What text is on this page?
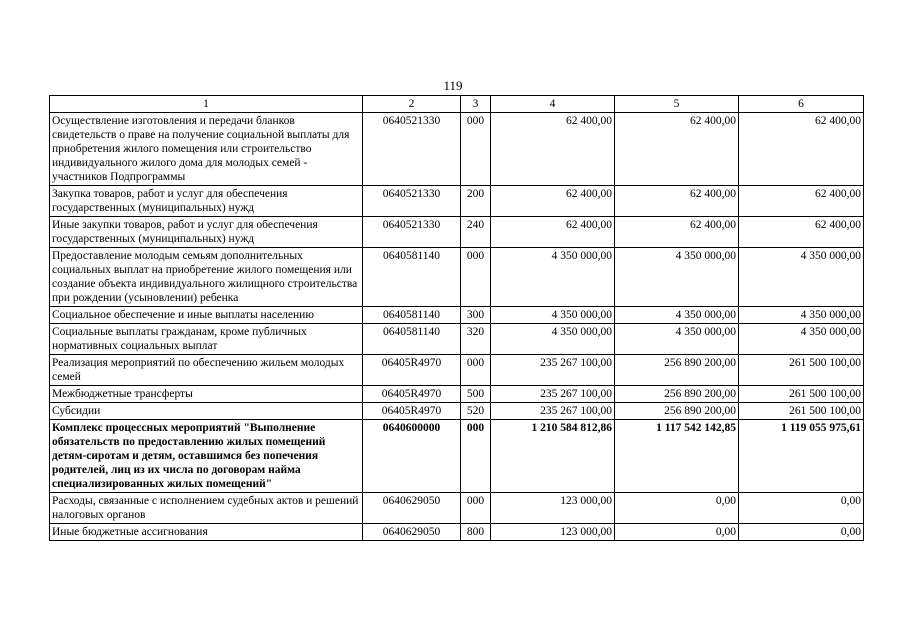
119
1	2	3	4	5	6
Осуществление изготовления и передачи бланков свидетельств о праве на получение социальной выплаты для приобретения жилого помещения или строительство индивидуального жилого дома для молодых семей - участников Подпрограммы	0640521330	000	62 400,00	62 400,00	62 400,00
Закупка товаров, работ и услуг для обеспечения государственных (муниципальных) нужд	0640521330	200	62 400,00	62 400,00	62 400,00
Иные закупки товаров, работ и услуг для обеспечения государственных (муниципальных) нужд	0640521330	240	62 400,00	62 400,00	62 400,00
Предоставление молодым семьям дополнительных социальных выплат на приобретение жилого помещения или создание объекта индивидуального жилищного строительства при рождении (усыновлении) ребенка	0640581140	000	4 350 000,00	4 350 000,00	4 350 000,00
Социальное обеспечение и иные выплаты населению	0640581140	300	4 350 000,00	4 350 000,00	4 350 000,00
Социальные выплаты гражданам, кроме публичных нормативных социальных выплат	0640581140	320	4 350 000,00	4 350 000,00	4 350 000,00
Реализация мероприятий по обеспечению жильем молодых семей	06405R4970	000	235 267 100,00	256 890 200,00	261 500 100,00
Межбюджетные трансферты	06405R4970	500	235 267 100,00	256 890 200,00	261 500 100,00
Субсидии	06405R4970	520	235 267 100,00	256 890 200,00	261 500 100,00
Комплекс процессных мероприятий "Выполнение обязательств по предоставлению жилых помещений детям-сиротам и детям, оставшимся без попечения родителей, лиц из их числа по договорам найма специализированных жилых помещений"	0640600000	000	1 210 584 812,86	1 117 542 142,85	1 119 055 975,61
Расходы, связанные с исполнением судебных актов и решений налоговых органов	0640629050	000	123 000,00	0,00	0,00
Иные бюджетные ассигнования	0640629050	800	123 000,00	0,00	0,00
